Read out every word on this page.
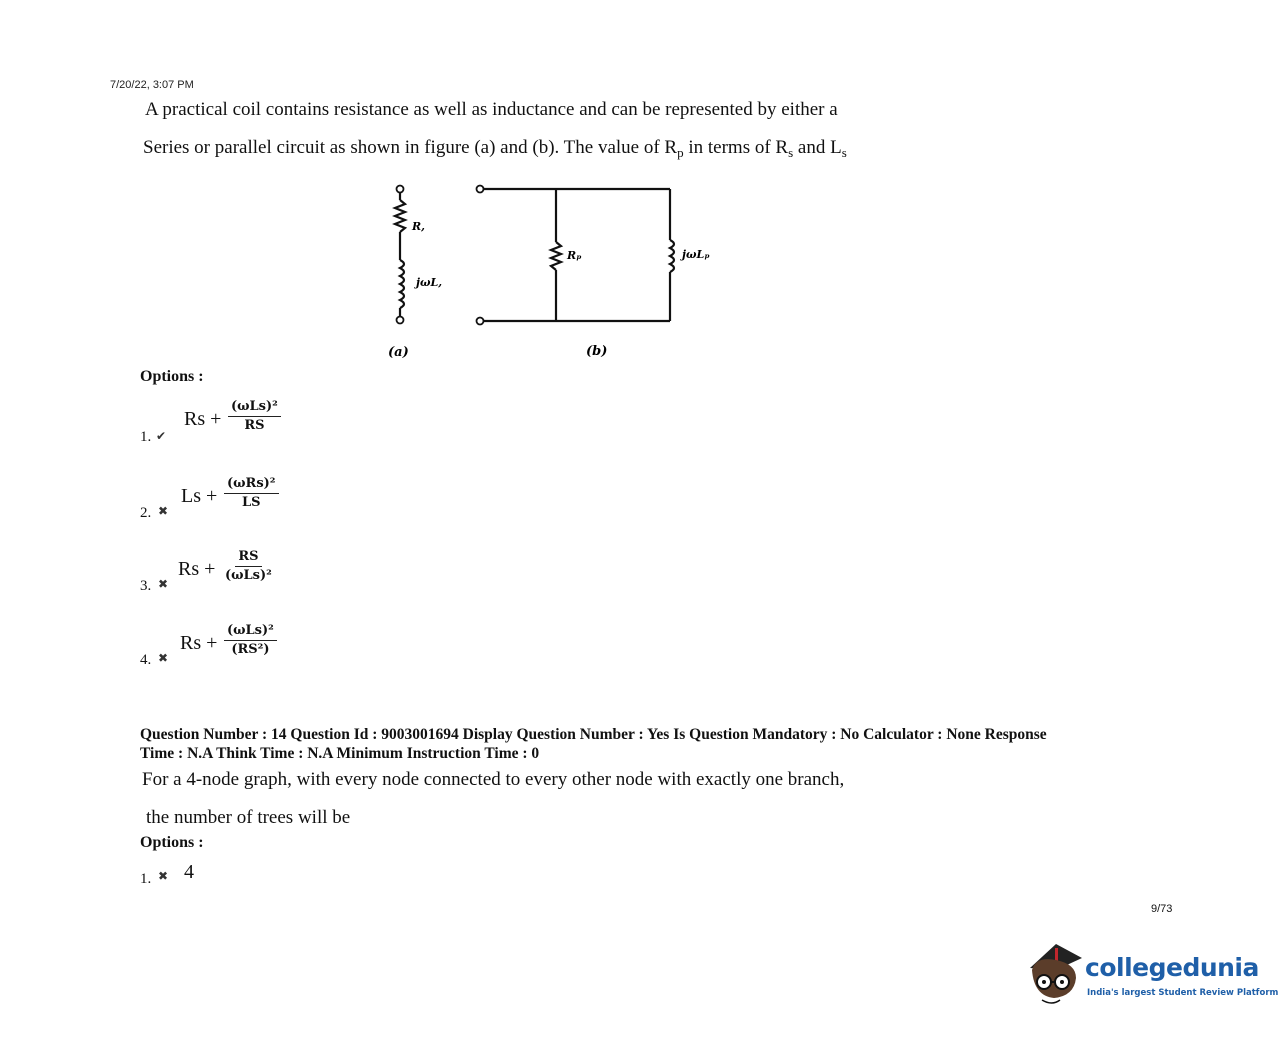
7/20/22, 3:07 PM
A practical coil contains resistance as well as inductance and can be represented by either a
Series or parallel circuit as shown in figure (a) and (b). The value of $R_p$ in terms of $R_s$ and $L_s$
R,
jωL,
Rₚ	jωLₚ
(a)	(b)
Options :
1. ✔
Rs +
(ωLs)²
RS
2. ✖
Ls +
(ωRs)²
LS
3. ✖
Rs +
RS
(ωLs)²
4. ✖
Rs +
(ωLs)²
(RS²)
Question Number : 14 Question Id : 9003001694 Display Question Number : Yes Is Question Mandatory : No Calculator : None Response
Time : N.A Think Time : N.A Minimum Instruction Time : 0
For a 4-node graph, with every node connected to every other node with exactly one branch,
the number of trees will be
Options :
1. ✖ 4
9/73
collegedunia
India's largest Student Review Platform
